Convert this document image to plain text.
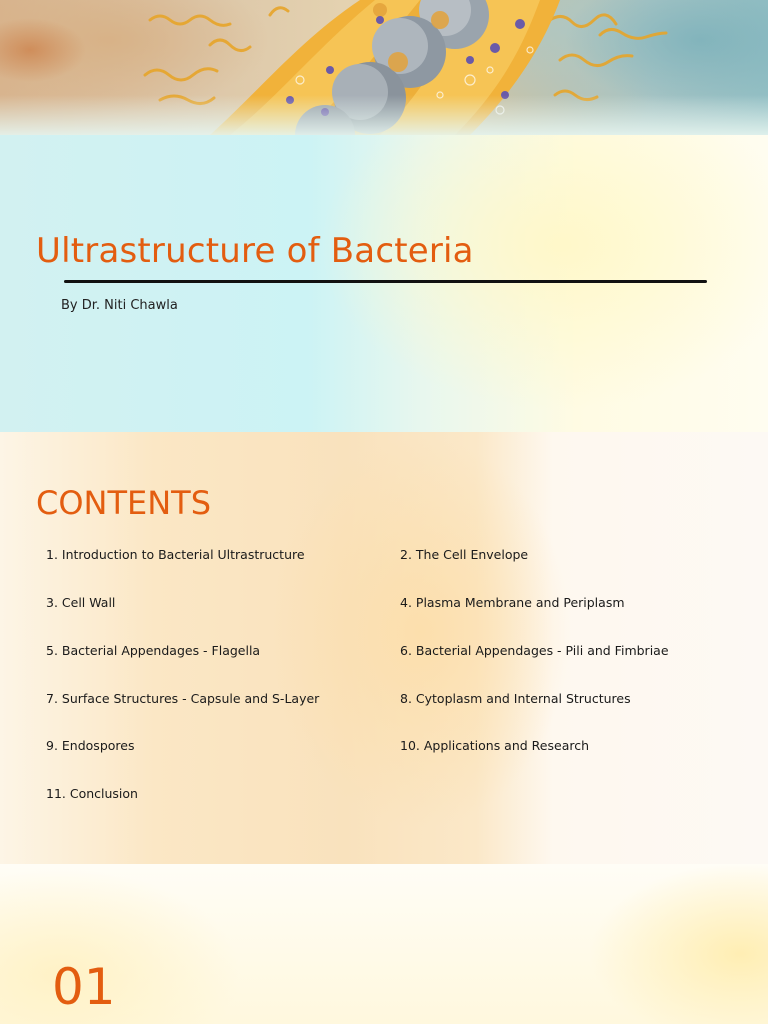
Ultrastructure of Bacteria

By Dr. Niti Chawla

CONTENTS
1. Introduction to Bacterial Ultrastructure	2. The Cell Envelope
3. Cell Wall	4. Plasma Membrane and Periplasm
5. Bacterial Appendages - Flagella	6. Bacterial Appendages - Pili and Fimbriae
7. Surface Structures - Capsule and S-Layer	8. Cytoplasm and Internal Structures
9. Endospores	10. Applications and Research
11. Conclusion
01
